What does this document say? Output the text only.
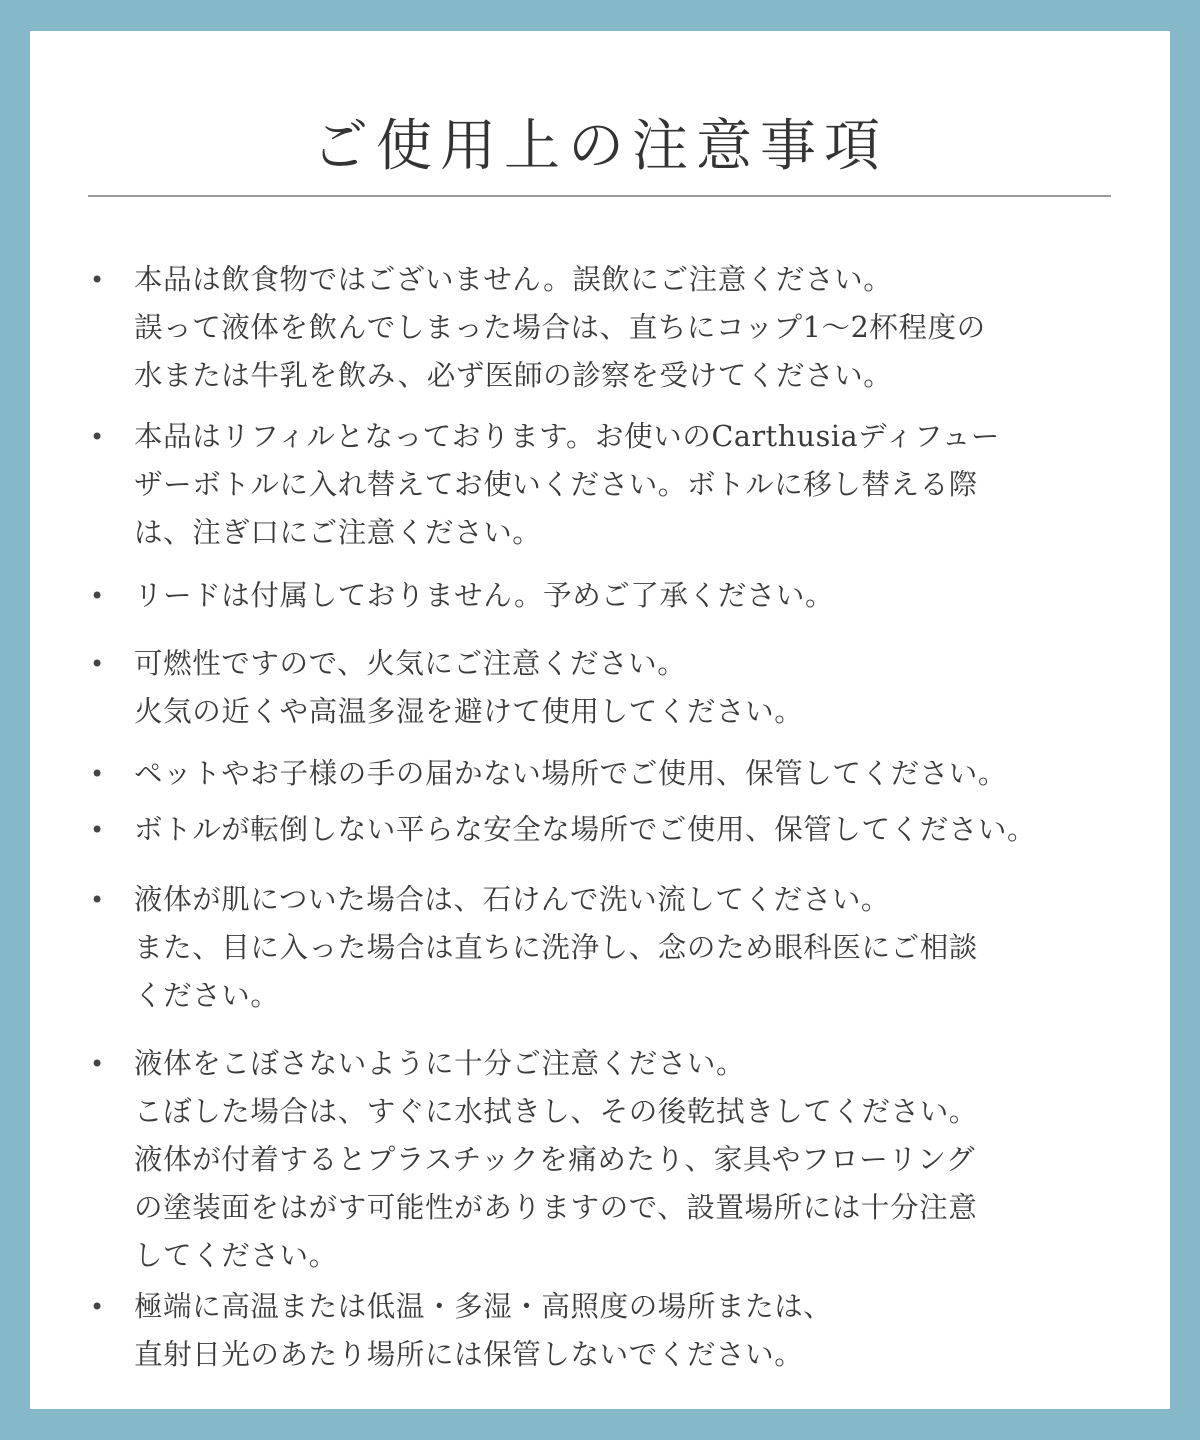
ご使用上の注意事項
• 本品は飲食物ではございません。誤飲にご注意ください。
誤って液体を飲んでしまった場合は、直ちにコップ1〜2杯程度の
水または牛乳を飲み、必ず医師の診察を受けてください。
• 本品はリフィルとなっております。お使いのCarthusiaディフュー
ザーボトルに入れ替えてお使いください。ボトルに移し替える際
は、注ぎ口にご注意ください。
• リードは付属しておりません。予めご了承ください。
• 可燃性ですので、火気にご注意ください。
火気の近くや高温多湿を避けて使用してください。
• ペットやお子様の手の届かない場所でご使用、保管してください。
• ボトルが転倒しない平らな安全な場所でご使用、保管してください。
• 液体が肌についた場合は、石けんで洗い流してください。
また、目に入った場合は直ちに洗浄し、念のため眼科医にご相談
ください。
• 液体をこぼさないように十分ご注意ください。
こぼした場合は、すぐに水拭きし、その後乾拭きしてください。
液体が付着するとプラスチックを痛めたり、家具やフローリング
の塗装面をはがす可能性がありますので、設置場所には十分注意
してください。
• 極端に高温または低温・多湿・高照度の場所または、
直射日光のあたり場所には保管しないでください。
